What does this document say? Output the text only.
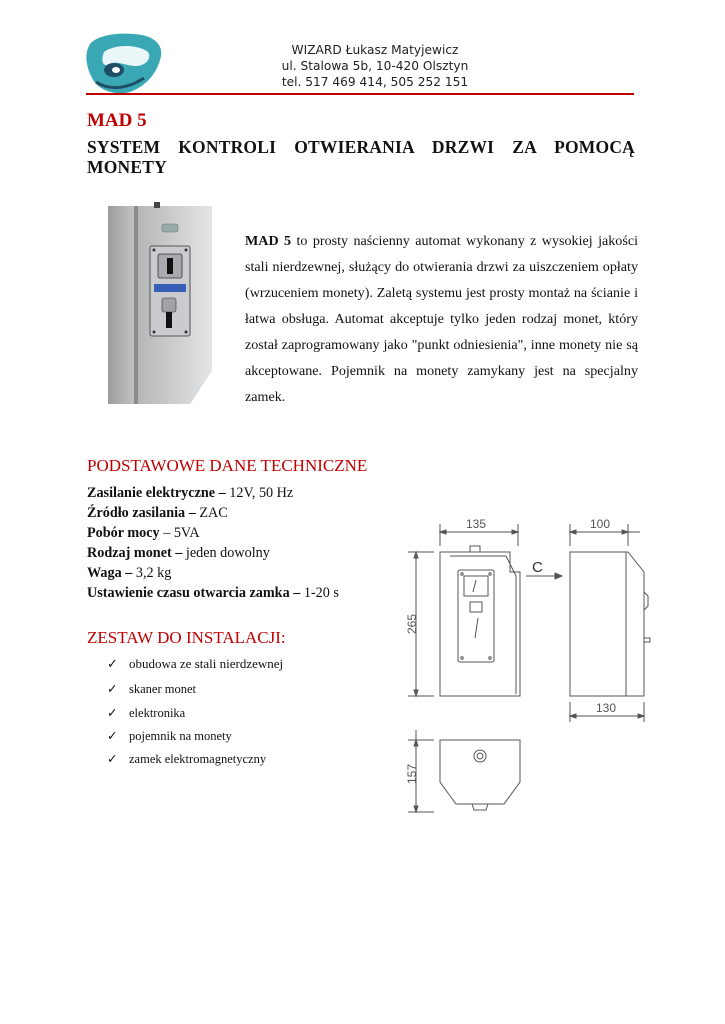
WIZARD Łukasz Matyjewicz
ul. Stalowa 5b, 10-420 Olsztyn
tel. 517 469 414, 505 252 151
MAD 5
SYSTEM KONTROLI OTWIERANIA DRZWI ZA POMOCĄ MONETY
MAD 5 to prosty naścienny automat wykonany z wysokiej jakości stali nierdzewnej, służący do otwierania drzwi za uiszczeniem opłaty (wrzuceniem monety). Zaletą systemu jest prosty montaż na ścianie i łatwa obsługa. Automat akceptuje tylko jeden rodzaj monet, który został zaprogramowany jako "punkt odniesienia", inne monety nie są akceptowane. Pojemnik na monety zamykany jest na specjalny zamek.
PODSTAWOWE DANE TECHNICZNE
Zasilanie elektryczne – 12V, 50 Hz
Źródło zasilania – ZAC
Pobór mocy – 5VA
Rodzaj monet – jeden dowolny
Waga – 3,2 kg
Ustawienie czasu otwarcia zamka – 1-20 s
ZESTAW DO INSTALACJI:
✓ obudowa ze stali nierdzewnej
✓ skaner monet
✓ elektronika
✓ pojemnik na monety
✓ zamek elektromagnetyczny
135
265
C
100
130
157
